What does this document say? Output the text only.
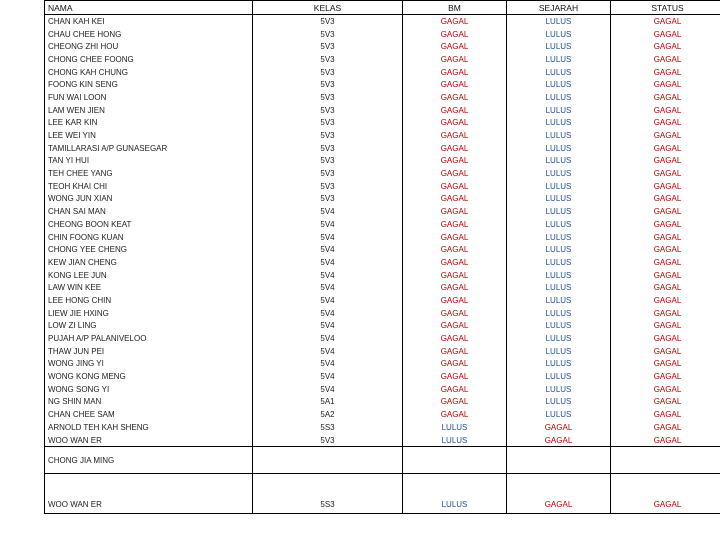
NAMA	KELAS	BM	SEJARAH	STATUS
CHAN KAH KEI	5V3	GAGAL	LULUS	GAGAL
CHAU CHEE HONG	5V3	GAGAL	LULUS	GAGAL
CHEONG ZHI HOU	5V3	GAGAL	LULUS	GAGAL
CHONG CHEE FOONG	5V3	GAGAL	LULUS	GAGAL
CHONG KAH CHUNG	5V3	GAGAL	LULUS	GAGAL
FOONG KIN SENG	5V3	GAGAL	LULUS	GAGAL
FUN WAI LOON	5V3	GAGAL	LULUS	GAGAL
LAM WEN JIEN	5V3	GAGAL	LULUS	GAGAL
LEE KAR KIN	5V3	GAGAL	LULUS	GAGAL
LEE WEI YIN	5V3	GAGAL	LULUS	GAGAL
TAMILLARASI A/P GUNASEGAR	5V3	GAGAL	LULUS	GAGAL
TAN YI HUI	5V3	GAGAL	LULUS	GAGAL
TEH CHEE YANG	5V3	GAGAL	LULUS	GAGAL
TEOH KHAI CHI	5V3	GAGAL	LULUS	GAGAL
WONG JUN XIAN	5V3	GAGAL	LULUS	GAGAL
CHAN SAI MAN	5V4	GAGAL	LULUS	GAGAL
CHEONG BOON KEAT	5V4	GAGAL	LULUS	GAGAL
CHIN FOONG KUAN	5V4	GAGAL	LULUS	GAGAL
CHONG YEE CHENG	5V4	GAGAL	LULUS	GAGAL
KEW JIAN CHENG	5V4	GAGAL	LULUS	GAGAL
KONG LEE JUN	5V4	GAGAL	LULUS	GAGAL
LAW WIN KEE	5V4	GAGAL	LULUS	GAGAL
LEE HONG CHIN	5V4	GAGAL	LULUS	GAGAL
LIEW JIE HXING	5V4	GAGAL	LULUS	GAGAL
LOW ZI LING	5V4	GAGAL	LULUS	GAGAL
PUJAH A/P PALANIVELOO	5V4	GAGAL	LULUS	GAGAL
THAW JUN PEI	5V4	GAGAL	LULUS	GAGAL
WONG JING YI	5V4	GAGAL	LULUS	GAGAL
WONG KONG MENG	5V4	GAGAL	LULUS	GAGAL
WONG SONG YI	5V4	GAGAL	LULUS	GAGAL
NG SHIN MAN	5A1	GAGAL	LULUS	GAGAL
CHAN CHEE SAM	5A2	GAGAL	LULUS	GAGAL
ARNOLD TEH KAH SHENG	5S3	LULUS	GAGAL	GAGAL
WOO WAN ER	5V3	LULUS	GAGAL	GAGAL
CHONG JIA MING				
WOO WAN ER	5S3	LULUS	GAGAL	GAGAL
